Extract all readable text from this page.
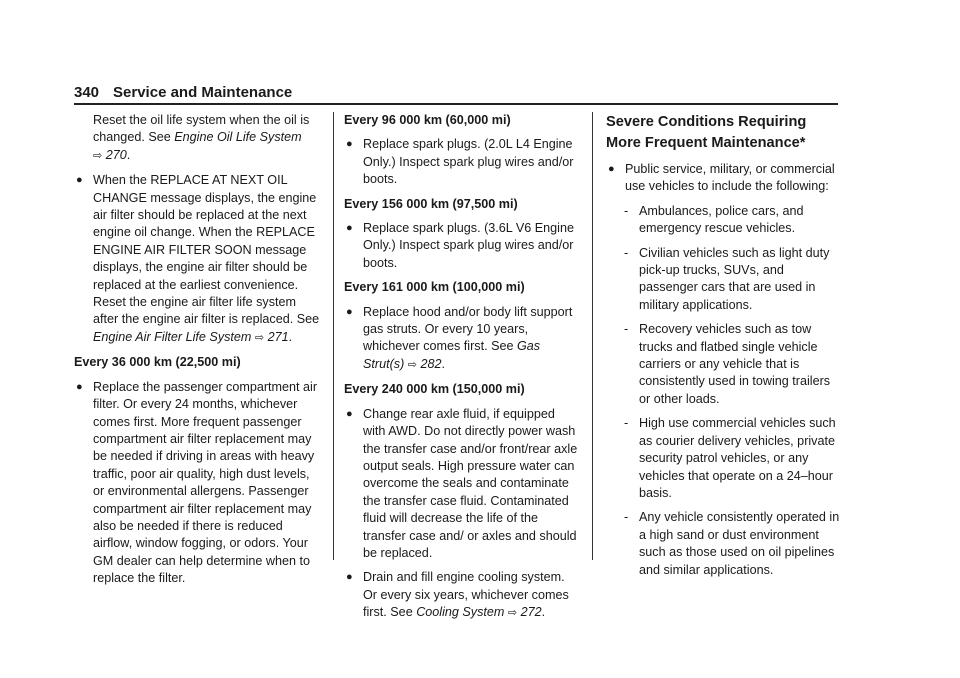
340 Service and Maintenance

Reset the oil life system when the oil is changed. See Engine Oil Life System
⇨ 270.

● When the REPLACE AT NEXT OIL CHANGE message displays, the engine air filter should be replaced at the next engine oil change. When the REPLACE ENGINE AIR FILTER SOON message displays, the engine air filter should be replaced at the earliest convenience. Reset the engine air filter life system after the engine air filter is replaced. See Engine Air Filter Life System ⇨ 271.

Every 36 000 km (22,500 mi)

● Replace the passenger compartment air filter. Or every 24 months, whichever comes first. More frequent passenger compartment air filter replacement may be needed if driving in areas with heavy traffic, poor air quality, high dust levels, or environmental allergens. Passenger compartment air filter replacement may also be needed if there is reduced airflow, window fogging, or odors. Your GM dealer can help determine when to replace the filter.

Every 96 000 km (60,000 mi)

● Replace spark plugs. (2.0L L4 Engine Only.) Inspect spark plug wires and/or boots.

Every 156 000 km (97,500 mi)

● Replace spark plugs. (3.6L V6 Engine Only.) Inspect spark plug wires and/or boots.

Every 161 000 km (100,000 mi)

● Replace hood and/or body lift support gas struts. Or every 10 years, whichever comes first. See Gas Strut(s) ⇨ 282.

Every 240 000 km (150,000 mi)

● Change rear axle fluid, if equipped with AWD. Do not directly power wash the transfer case and/or front/rear axle output seals. High pressure water can overcome the seals and contaminate the transfer case fluid. Contaminated fluid will decrease the life of the transfer case and/ or axles and should be replaced.
● Drain and fill engine cooling system. Or every six years, whichever comes first. See Cooling System ⇨ 272.

Severe Conditions Requiring More Frequent Maintenance*

● Public service, military, or commercial use vehicles to include the following:
- Ambulances, police cars, and emergency rescue vehicles.
- Civilian vehicles such as light duty pick-up trucks, SUVs, and passenger cars that are used in military applications.
- Recovery vehicles such as tow trucks and flatbed single vehicle carriers or any vehicle that is consistently used in towing trailers or other loads.
- High use commercial vehicles such as courier delivery vehicles, private security patrol vehicles, or any vehicles that operate on a 24–hour basis.
- Any vehicle consistently operated in a high sand or dust environment such as those used on oil pipelines and similar applications.
